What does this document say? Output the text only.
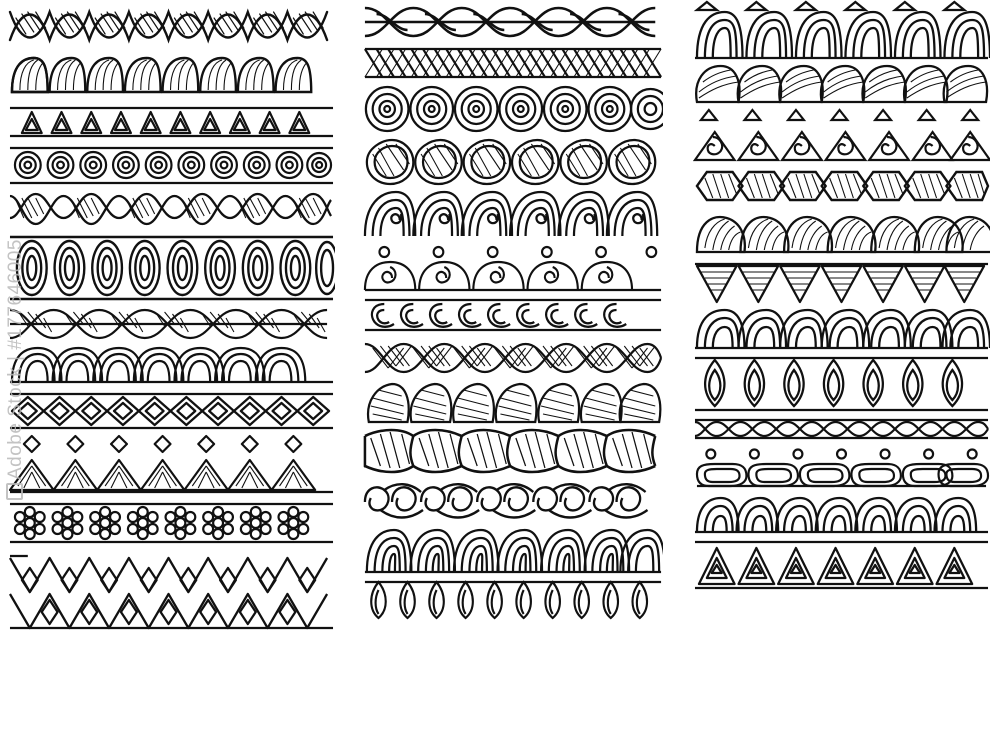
Adobe Stock | #177646005
